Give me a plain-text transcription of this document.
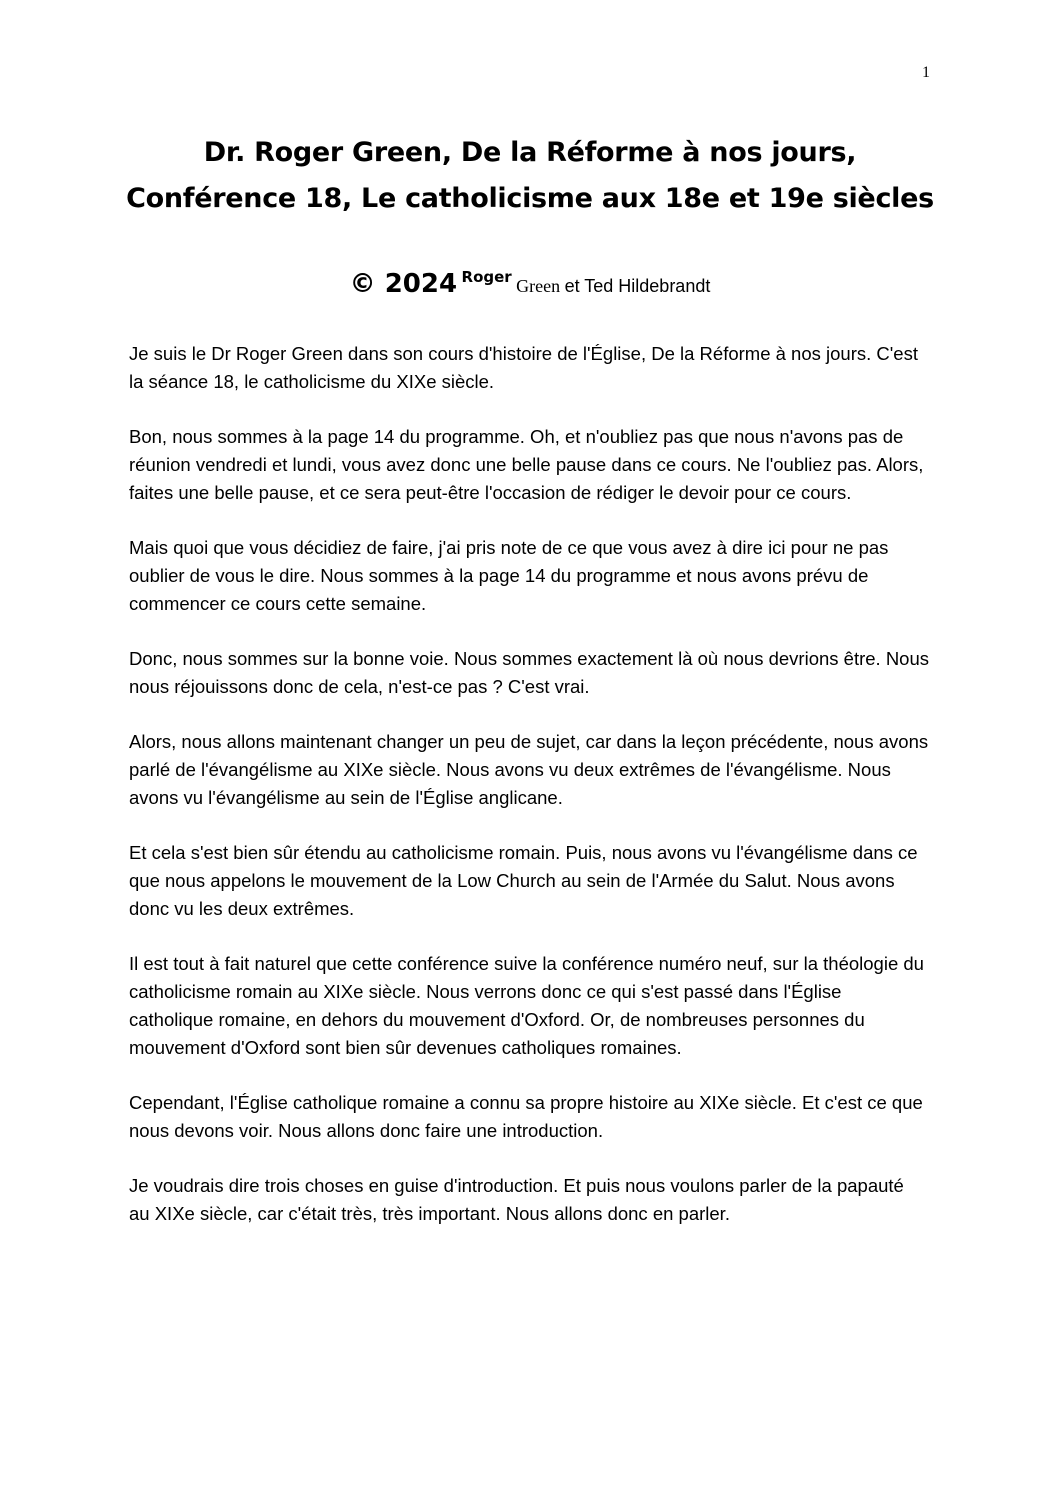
1
Dr. Roger Green, De la Réforme à nos jours, Conférence 18, Le catholicisme aux 18e et 19e siècles
© 2024 Roger Green et Ted Hildebrandt

Je suis le Dr Roger Green dans son cours d'histoire de l'Église, De la Réforme à nos jours. C'est la séance 18, le catholicisme du XIXe siècle.

Bon, nous sommes à la page 14 du programme. Oh, et n'oubliez pas que nous n'avons pas de réunion vendredi et lundi, vous avez donc une belle pause dans ce cours. Ne l'oubliez pas. Alors, faites une belle pause, et ce sera peut-être l'occasion de rédiger le devoir pour ce cours.

Mais quoi que vous décidiez de faire, j'ai pris note de ce que vous avez à dire ici pour ne pas oublier de vous le dire. Nous sommes à la page 14 du programme et nous avons prévu de commencer ce cours cette semaine.

Donc, nous sommes sur la bonne voie. Nous sommes exactement là où nous devrions être. Nous nous réjouissons donc de cela, n'est-ce pas ? C'est vrai.

Alors, nous allons maintenant changer un peu de sujet, car dans la leçon précédente, nous avons parlé de l'évangélisme au XIXe siècle. Nous avons vu deux extrêmes de l'évangélisme. Nous avons vu l'évangélisme au sein de l'Église anglicane.

Et cela s'est bien sûr étendu au catholicisme romain. Puis, nous avons vu l'évangélisme dans ce que nous appelons le mouvement de la Low Church au sein de l'Armée du Salut. Nous avons donc vu les deux extrêmes.

Il est tout à fait naturel que cette conférence suive la conférence numéro neuf, sur la théologie du catholicisme romain au XIXe siècle. Nous verrons donc ce qui s'est passé dans l'Église catholique romaine, en dehors du mouvement d'Oxford. Or, de nombreuses personnes du mouvement d'Oxford sont bien sûr devenues catholiques romaines.

Cependant, l'Église catholique romaine a connu sa propre histoire au XIXe siècle. Et c'est ce que nous devons voir. Nous allons donc faire une introduction.

Je voudrais dire trois choses en guise d'introduction. Et puis nous voulons parler de la papauté au XIXe siècle, car c'était très, très important. Nous allons donc en parler.
